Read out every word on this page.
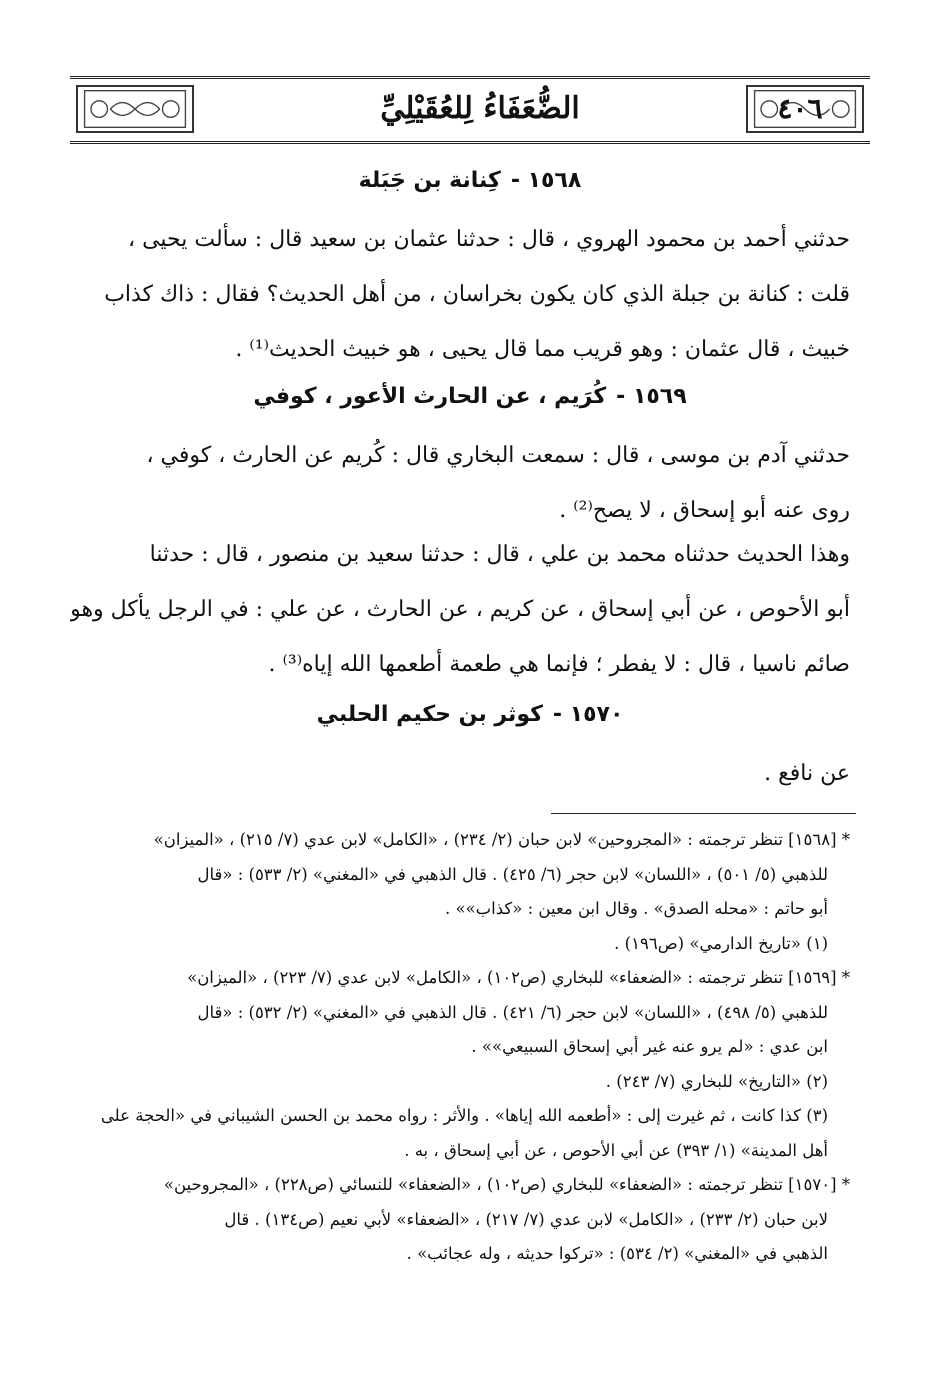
٤٠٦
الضُّعَفَاءُ لِلعُقَيْلِيِّ
١٥٦٨ -كِنانة بن جَبَلة
حدثني أحمد بن محمود الهروي ، قال : حدثنا عثمان بن سعيد قال : سألت يحيى ،
قلت : كنانة بن جبلة الذي كان يكون بخراسان ، من أهل الحديث؟ فقال : ذاك كذاب
خبيث ، قال عثمان : وهو قريب مما قال يحيى ، هو خبيث الحديث⁽¹⁾ .
١٥٦٩ -كُرَيم ، عن الحارث الأعور ، كوفي
حدثني آدم بن موسى ، قال : سمعت البخاري قال : كُريم عن الحارث ، كوفي ،
روى عنه أبو إسحاق ، لا يصح⁽²⁾ .
وهذا الحديث حدثناه محمد بن علي ، قال : حدثنا سعيد بن منصور ، قال : حدثنا
أبو الأحوص ، عن أبي إسحاق ، عن كريم ، عن الحارث ، عن علي : في الرجل يأكل وهو
صائم ناسيا ، قال : لا يفطر ؛ فإنما هي طعمة أطعمها الله إياه⁽³⁾ .
١٥٧٠ -كوثر بن حكيم الحلبي
عن نافع .
* [١٥٦٨] تنظر ترجمته : «المجروحين» لابن حبان (٢/ ٢٣٤) ، «الكامل» لابن عدي (٧/ ٢١٥) ، «الميزان»
للذهبي (٥/ ٥٠١) ، «اللسان» لابن حجر (٦/ ٤٢٥) . قال الذهبي في «المغني» (٢/ ٥٣٣) : «قال
أبو حاتم : «محله الصدق» . وقال ابن معين : «كذاب»» .
(١) «تاريخ الدارمي» (ص١٩٦) .
* [١٥٦٩] تنظر ترجمته : «الضعفاء» للبخاري (ص١٠٢) ، «الكامل» لابن عدي (٧/ ٢٢٣) ، «الميزان»
للذهبي (٥/ ٤٩٨) ، «اللسان» لابن حجر (٦/ ٤٢١) . قال الذهبي في «المغني» (٢/ ٥٣٢) : «قال
ابن عدي : «لم يرو عنه غير أبي إسحاق السبيعي»» .
(٢) «التاريخ» للبخاري (٧/ ٢٤٣) .
(٣) كذا كانت ، ثم غيرت إلى : «أطعمه الله إياها» . والأثر : رواه محمد بن الحسن الشيباني في «الحجة على
أهل المدينة» (١/ ٣٩٣) عن أبي الأحوص ، عن أبي إسحاق ، به .
* [١٥٧٠] تنظر ترجمته : «الضعفاء» للبخاري (ص١٠٢) ، «الضعفاء» للنسائي (ص٢٢٨) ، «المجروحين»
لابن حبان (٢/ ٢٣٣) ، «الكامل» لابن عدي (٧/ ٢١٧) ، «الضعفاء» لأبي نعيم (ص١٣٤) . قال
الذهبي في «المغني» (٢/ ٥٣٤) : «تركوا حديثه ، وله عجائب» .
